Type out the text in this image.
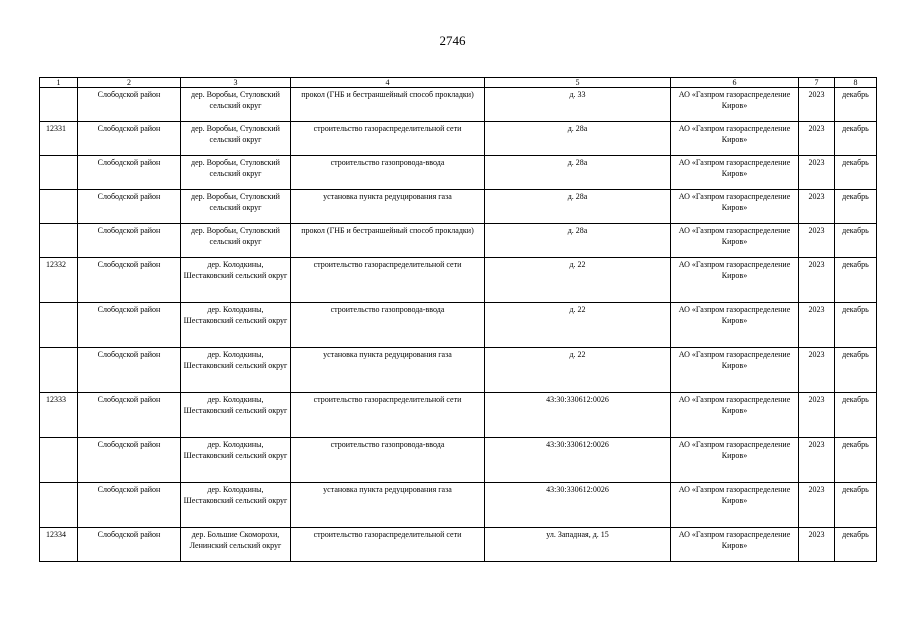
2746
1	2	3	4	5	6	7	8
	Слободской район	дер. Воробьи, Стуловский сельский округ	прокол (ГНБ и бестраншейный способ прокладки)	д. 33	АО «Газпром газораспределение Киров»	2023	декабрь
12331	Слободской район	дер. Воробьи, Стуловский сельский округ	строительство газораспределительной сети	д. 28а	АО «Газпром газораспределение Киров»	2023	декабрь
	Слободской район	дер. Воробьи, Стуловский сельский округ	строительство газопровода-ввода	д. 28а	АО «Газпром газораспределение Киров»	2023	декабрь
	Слободской район	дер. Воробьи, Стуловский сельский округ	установка пункта редуцирования газа	д. 28а	АО «Газпром газораспределение Киров»	2023	декабрь
	Слободской район	дер. Воробьи, Стуловский сельский округ	прокол (ГНБ и бестраншейный способ прокладки)	д. 28а	АО «Газпром газораспределение Киров»	2023	декабрь
12332	Слободской район	дер. Колодкины, Шестаковский сельский округ	строительство газораспределительной сети	д. 22	АО «Газпром газораспределение Киров»	2023	декабрь
	Слободской район	дер. Колодкины, Шестаковский сельский округ	строительство газопровода-ввода	д. 22	АО «Газпром газораспределение Киров»	2023	декабрь
	Слободской район	дер. Колодкины, Шестаковский сельский округ	установка пункта редуцирования газа	д. 22	АО «Газпром газораспределение Киров»	2023	декабрь
12333	Слободской район	дер. Колодкины, Шестаковский сельский округ	строительство газораспределительной сети	43:30:330612:0026	АО «Газпром газораспределение Киров»	2023	декабрь
	Слободской район	дер. Колодкины, Шестаковский сельский округ	строительство газопровода-ввода	43:30:330612:0026	АО «Газпром газораспределение Киров»	2023	декабрь
	Слободской район	дер. Колодкины, Шестаковский сельский округ	установка пункта редуцирования газа	43:30:330612:0026	АО «Газпром газораспределение Киров»	2023	декабрь
12334	Слободской район	дер. Большие Скоморохи, Ленинский сельский округ	строительство газораспределительной сети	ул. Западная, д. 15	АО «Газпром газораспределение Киров»	2023	декабрь
